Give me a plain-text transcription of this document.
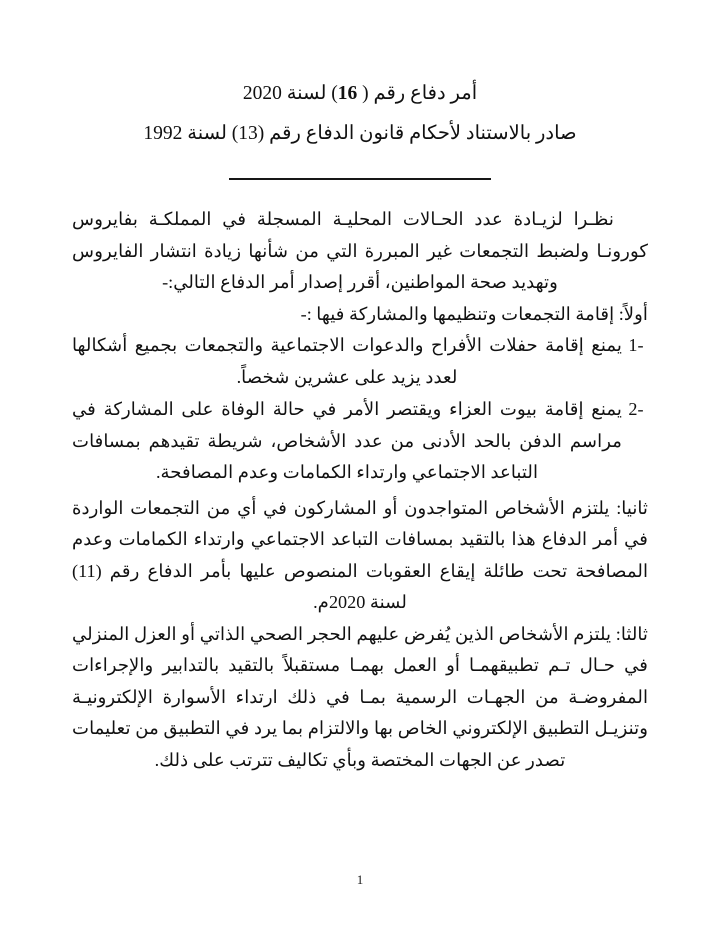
أمر دفاع رقم ( 16) لسنة 2020
صادر بالاستناد لأحكام قانون الدفاع رقم (13) لسنة 1992

نظـرا لزيـادة عدد الحـالات المحليـة المسجلة في المملكـة بفايروس كورونـا ولضبط التجمعات غير المبررة التي من شأنها زيادة انتشار الفايروس وتهديد صحة المواطنين، أقرر إصدار أمر الدفاع التالي:-

أولاً: إقامة التجمعات وتنظيمها والمشاركة فيها :-

1-
يمنع إقامة حفلات الأفراح والدعوات الاجتماعية والتجمعات بجميع أشكالها لعدد يزيد على عشرين شخصاً.
2-
يمنع إقامة بيوت العزاء ويقتصر الأمر في حالة الوفاة على المشاركة في مراسم الدفن بالحد الأدنى من عدد الأشخاص، شريطة تقيدهم بمسافات التباعد الاجتماعي وارتداء الكمامات وعدم المصافحة.

ثانيا: يلتزم الأشخاص المتواجدون أو المشاركون في أي من التجمعات الواردة في أمر الدفاع هذا بالتقيد بمسافات التباعد الاجتماعي وارتداء الكمامات وعدم المصافحة تحت طائلة إيقاع العقوبات المنصوص عليها بأمر الدفاع رقم (11) لسنة 2020م.

ثالثا: يلتزم الأشخاص الذين يُفرض عليهم الحجر الصحي الذاتي أو العزل المنزلي في حـال تـم تطبيقهمـا أو العمل بهمـا مستقبلاً بالتقيد بالتدابير والإجراءات المفروضـة من الجهـات الرسمية بمـا في ذلك ارتداء الأسوارة الإلكترونيـة وتنزيـل التطبيق الإلكتروني الخاص بها والالتزام بما يرد في التطبيق من تعليمات تصدر عن الجهات المختصة وبأي تكاليف تترتب على ذلك.

1
